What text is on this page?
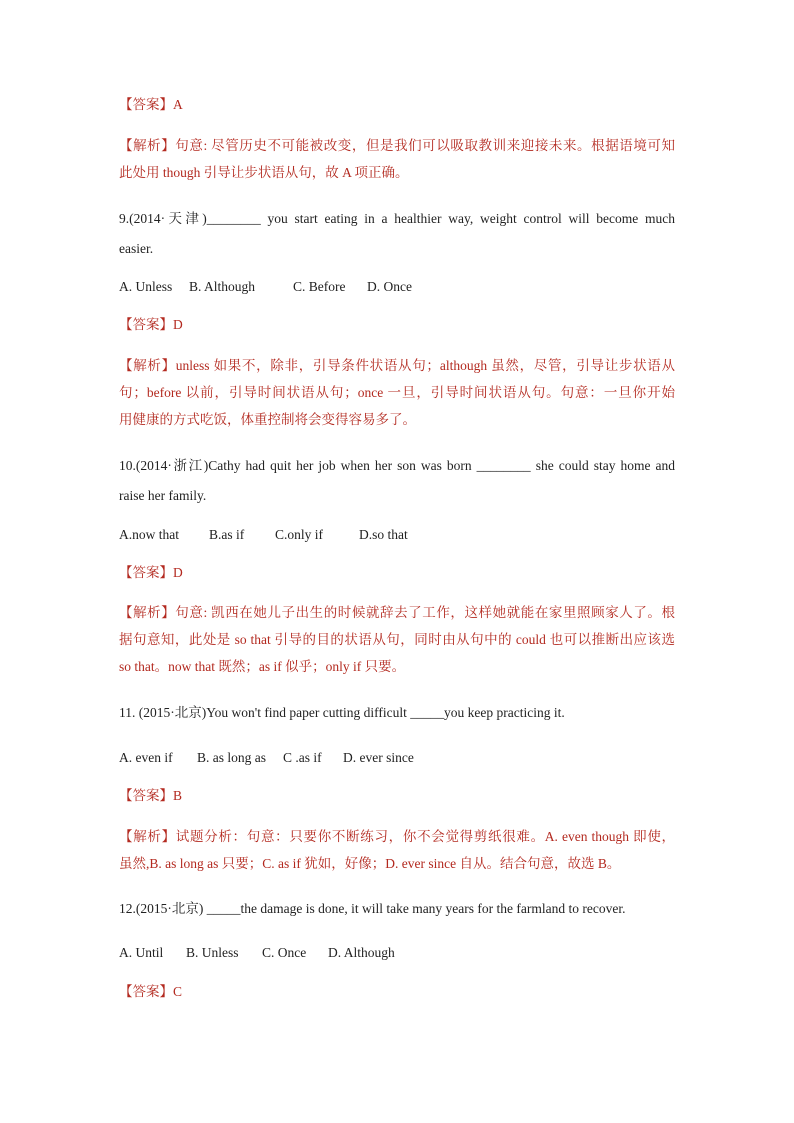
【答案】A
【解析】句意: 尽管历史不可能被改变，但是我们可以吸取教训来迎接未来。根据语境可知
此处用 though 引导让步状语从句，故 A 项正确。
9.(2014·天津)________ you start eating in a healthier way, weight control will become much
easier.
A. Unless B. Although	C. Before D. Once
【答案】D
【解析】unless 如果不，除非，引导条件状语从句；although 虽然，尽管，引导让步状语从
句；before 以前，引导时间状语从句；once 一旦，引导时间状语从句。句意：一旦你开始
用健康的方式吃饭，体重控制将会变得容易多了。
10.(2014·浙江)Cathy had quit her job when her son was born ________ she could stay home and
raise her family.
A.now that B.as if C.only if	D.so that
【答案】D
【解析】句意: 凯西在她儿子出生的时候就辞去了工作，这样她就能在家里照顾家人了。根
据句意知，此处是 so that 引导的目的状语从句，同时由从句中的 could 也可以推断出应该选
so that。now that 既然；as if 似乎；only if 只要。
11. (2015·北京)You won't find paper cutting difficult _____you keep practicing it.
A. even if B. as long as C .as if D. ever since
【答案】B
【解析】试题分析：句意：只要你不断练习，你不会觉得剪纸很难。A. even though 即使，
虽然,B. as long as 只要；C. as if 犹如，好像；D. ever since 自从。结合句意，故选 B。
12.(2015·北京) _____the damage is done, it will take many years for the farmland to recover.
A. Until B. Unless C. Once D. Although
【答案】C
